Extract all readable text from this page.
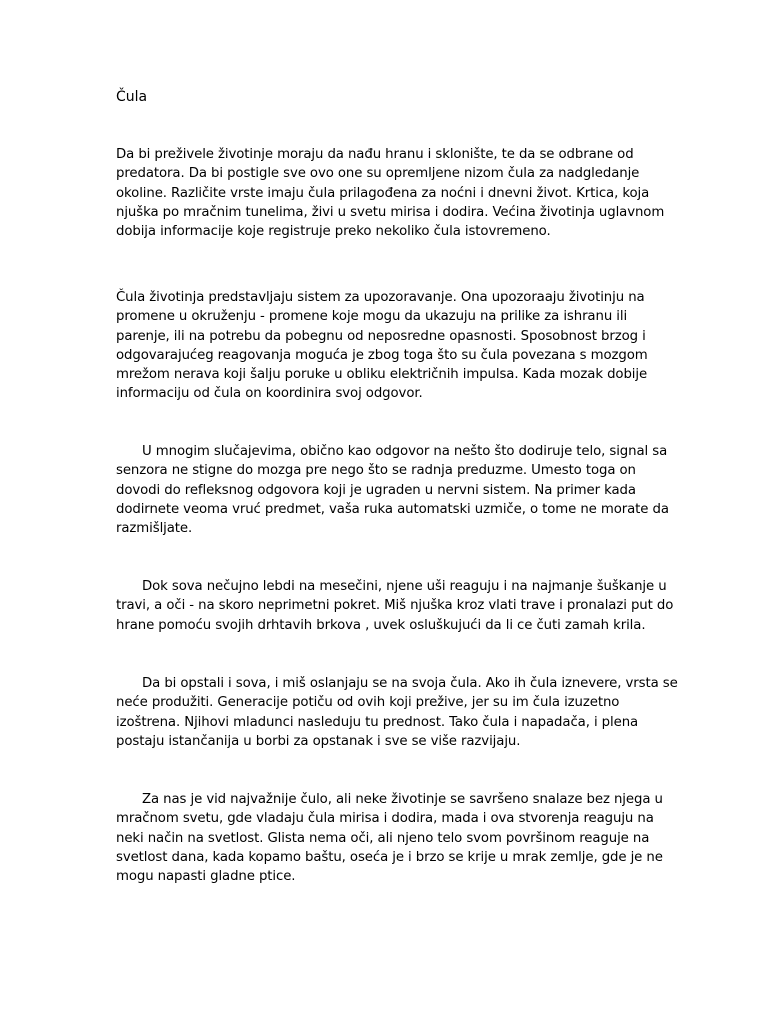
Čula

Da bi preživele životinje moraju da nađu hranu i sklonište, te da se odbrane od
predatora. Da bi postigle sve ovo one su opremljene nizom čula za nadgledanje
okoline. Različite vrste imaju čula prilagođena za noćni i dnevni život. Krtica, koja
njuška po mračnim tunelima, živi u svetu mirisa i dodira. Većina životinja uglavnom
dobija informacije koje registruje preko nekoliko čula istovremeno.

Čula životinja predstavljaju sistem za upozoravanje. Ona upozoraaju životinju na
promene u okruženju - promene koje mogu da ukazuju na prilike za ishranu ili
parenje, ili na potrebu da pobegnu od neposredne opasnosti. Sposobnost brzog i
odgovarajućeg reagovanja moguća je zbog toga što su čula povezana s mozgom
mrežom nerava koji šalju poruke u obliku električnih impulsa. Kada mozak dobije
informaciju od čula on koordinira svoj odgovor.

U mnogim slučajevima, obično kao odgovor na nešto što dodiruje telo, signal sa
senzora ne stigne do mozga pre nego što se radnja preduzme. Umesto toga on
dovodi do refleksnog odgovora koji je ugraden u nervni sistem. Na primer kada
dodirnete veoma vruć predmet, vaša ruka automatski uzmiče, o tome ne morate da
razmišljate.

Dok sova nečujno lebdi na mesečini, njene uši reaguju i na najmanje šuškanje u
travi, a oči - na skoro neprimetni pokret. Miš njuška kroz vlati trave i pronalazi put do
hrane pomoću svojih drhtavih brkova , uvek osluškujući da li ce čuti zamah krila.

Da bi opstali i sova, i miš oslanjaju se na svoja čula. Ako ih čula iznevere, vrsta se
neće produžiti. Generacije potiču od ovih koji prežive, jer su im čula izuzetno
izoštrena. Njihovi mladunci nasleduju tu prednost. Tako čula i napadača, i plena
postaju istančanija u borbi za opstanak i sve se više razvijaju.

Za nas je vid najvažnije čulo, ali neke životinje se savršeno snalaze bez njega u
mračnom svetu, gde vladaju čula mirisa i dodira, mada i ova stvorenja reaguju na
neki način na svetlost. Glista nema oči, ali njeno telo svom površinom reaguje na
svetlost dana, kada kopamo baštu, oseća je i brzo se krije u mrak zemlje, gde je ne
mogu napasti gladne ptice.
